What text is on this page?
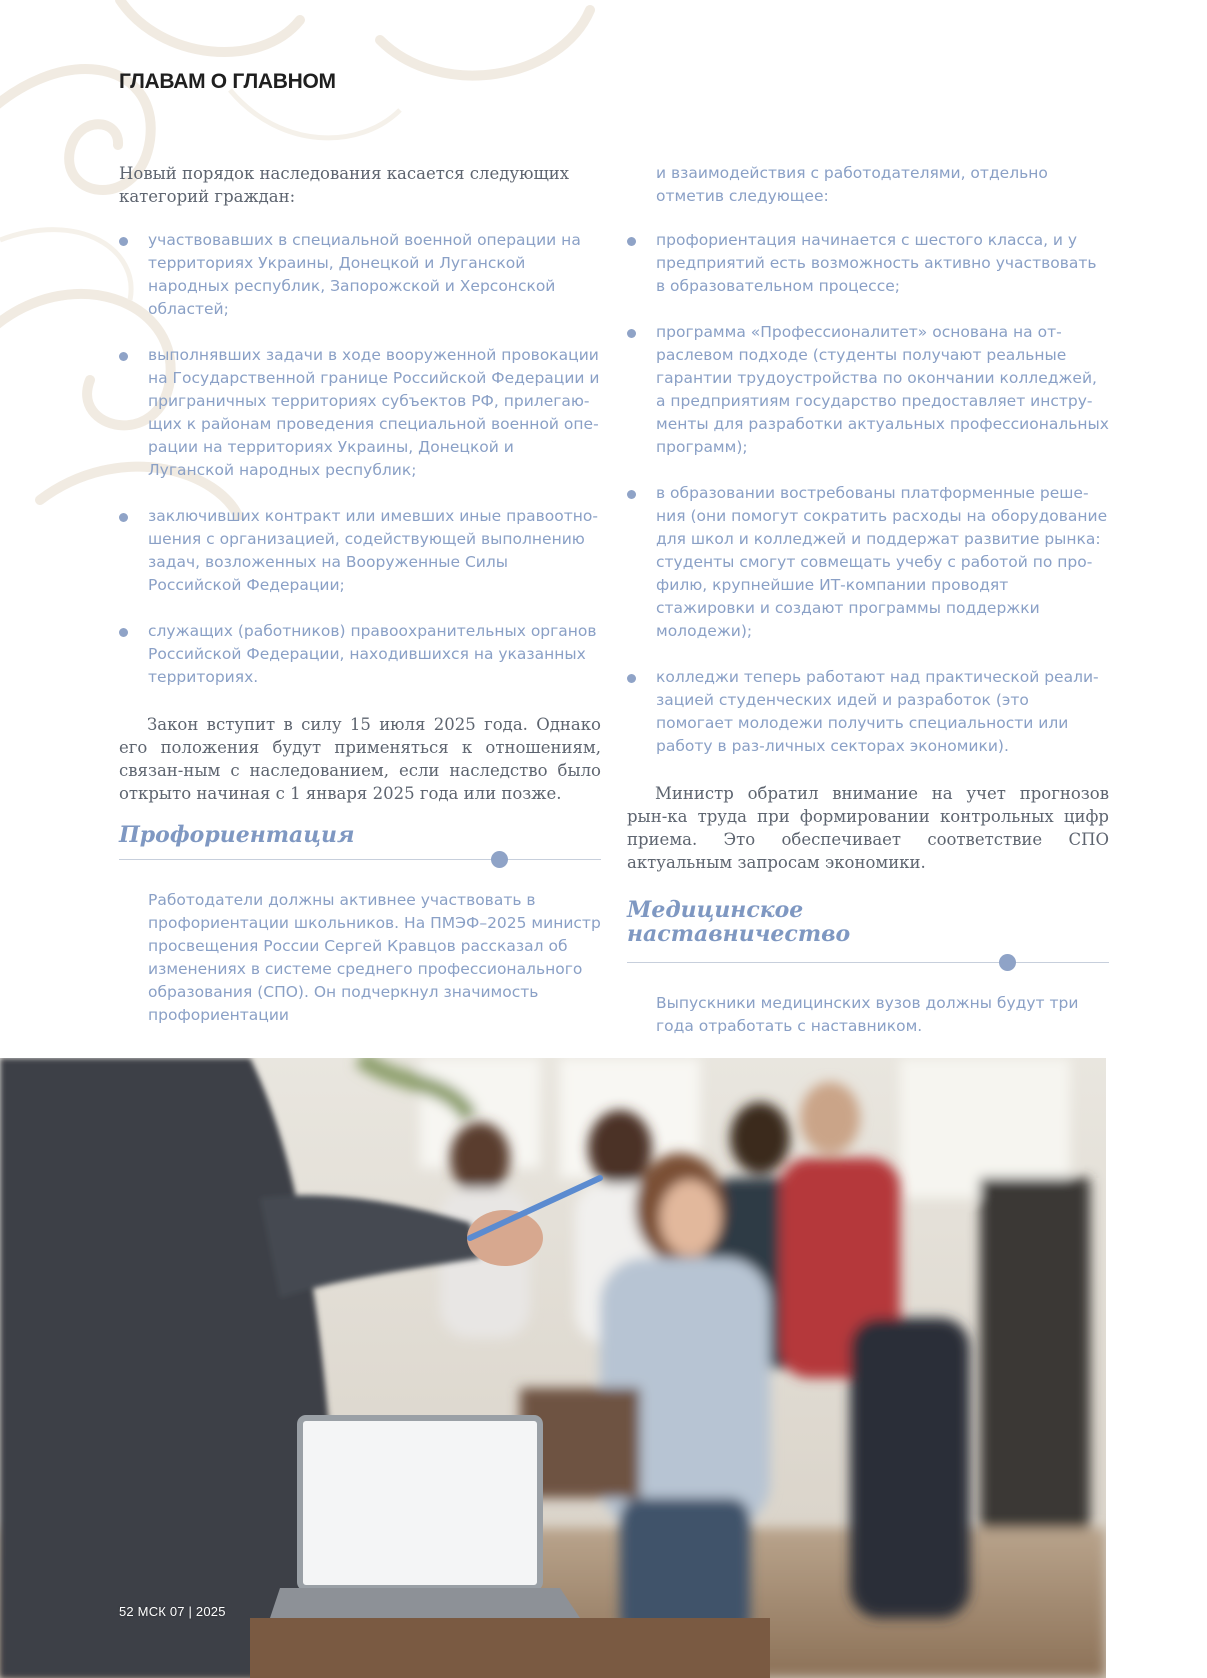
ГЛАВАМ О ГЛАВНОМ

Новый порядок наследования касается следующих категорий граждан:

участвовавших в специальной военной операции на территориях Украины, Донецкой и Луганской народных республик, Запорожской и Херсонской областей;
выполнявших задачи в ходе вооруженной провокации на Государственной границе Российской Федерации и приграничных территориях субъектов РФ, прилегаю-щих к районам проведения специальной военной опе-рации на территориях Украины, Донецкой и Луганской народных республик;
заключивших контракт или имевших иные правоотно-шения с организацией, содействующей выполнению задач, возложенных на Вооруженные Силы Российской Федерации;
служащих (работников) правоохранительных органов Российской Федерации, находившихся на указанных территориях.

Закон вступит в силу 15 июля 2025 года. Однако его положения будут применяться к отношениям, связан-ным с наследованием, если наследство было открыто начиная с 1 января 2025 года или позже.

Профориентация

Работодатели должны активнее участвовать в профориентации школьников. На ПМЭФ–2025 министр просвещения России Сергей Кравцов рассказал об изменениях в системе среднего профессионального образования (СПО). Он подчеркнул значимость профориентации

и взаимодействия с работодателями, отдельно отметив следующее:

профориентация начинается с шестого класса, и у предприятий есть возможность активно участвовать в образовательном процессе;
программа «Профессионалитет» основана на от-раслевом подходе (студенты получают реальные гарантии трудоустройства по окончании колледжей, а предприятиям государство предоставляет инстру-менты для разработки актуальных профессиональных программ);
в образовании востребованы платформенные реше-ния (они помогут сократить расходы на оборудование для школ и колледжей и поддержат развитие рынка: студенты смогут совмещать учебу с работой по про-филю, крупнейшие ИТ-компании проводят стажировки и создают программы поддержки молодежи);
колледжи теперь работают над практической реали-зацией студенческих идей и разработок (это помогает молодежи получить специальности или работу в раз-личных секторах экономики).

Министр обратил внимание на учет прогнозов рын-ка труда при формировании контрольных цифр приема. Это обеспечивает соответствие СПО актуальным запросам экономики.

Медицинское
наставничество

Выпускники медицинских вузов должны будут три года отработать с наставником.

52 МСК 07 | 2025
